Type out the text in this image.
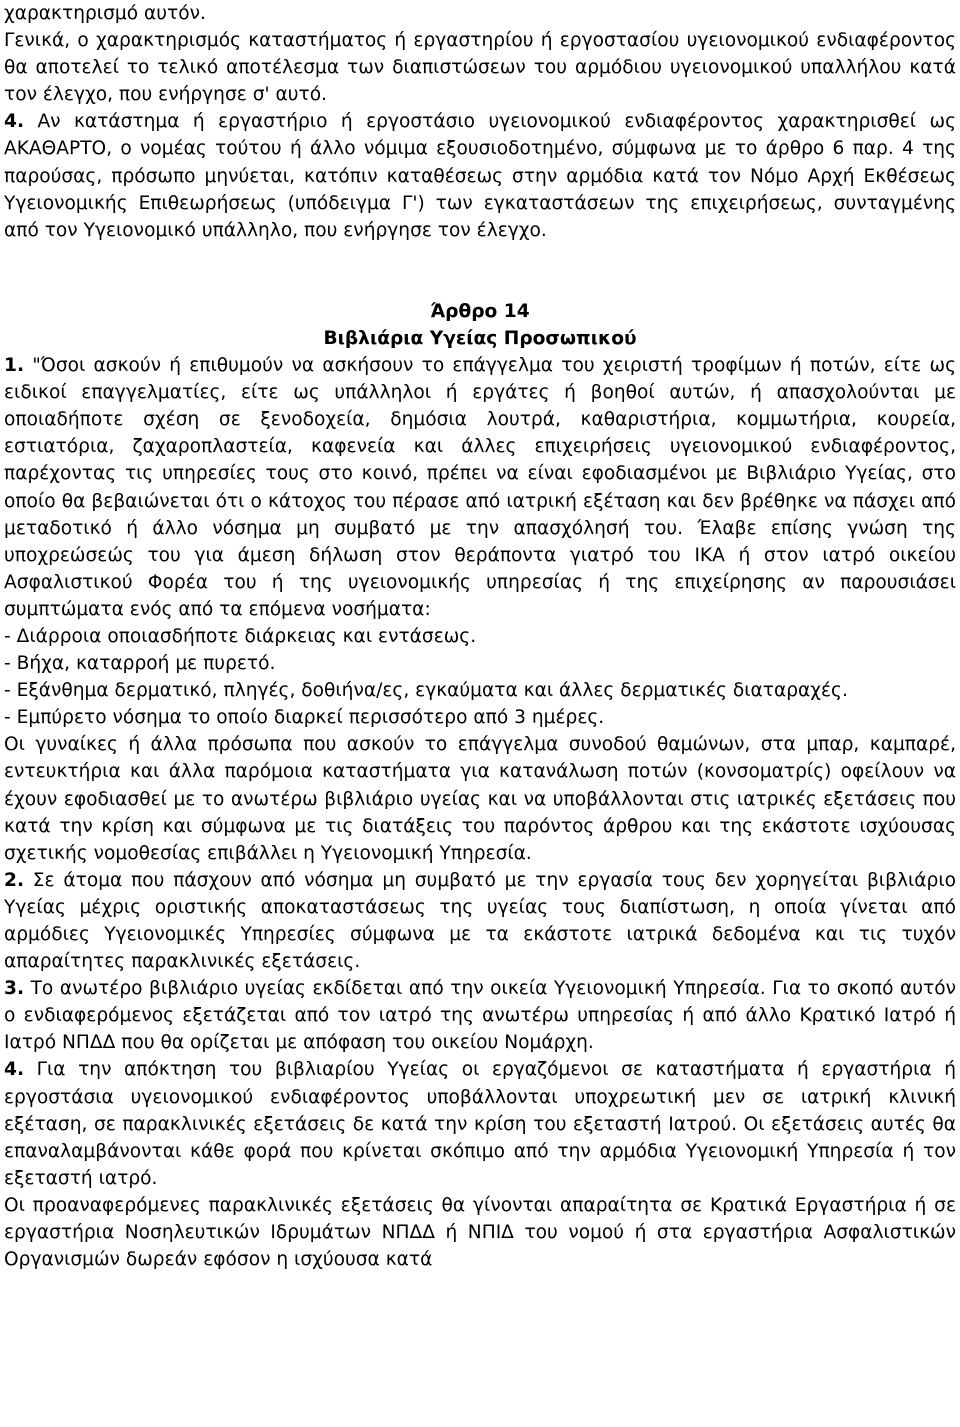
χαρακτηρισμό αυτόν.

Γενικά, ο χαρακτηρισμός καταστήματος ή εργαστηρίου ή εργοστασίου υγειονομικού ενδιαφέροντος θα αποτελεί το τελικό αποτέλεσμα των διαπιστώσεων του αρμόδιου υγειονομικού υπαλλήλου κατά τον έλεγχο, που ενήργησε σ' αυτό.

4. Αν κατάστημα ή εργαστήριο ή εργοστάσιο υγειονομικού ενδιαφέροντος χαρακτηρισθεί ως ΑΚΑΘΑΡΤΟ, ο νομέας τούτου ή άλλο νόμιμα εξουσιοδοτημένο, σύμφωνα με το άρθρο 6 παρ. 4 της παρούσας, πρόσωπο μηνύεται, κατόπιν καταθέσεως στην αρμόδια κατά τον Νόμο Αρχή Εκθέσεως Υγειονομικής Επιθεωρήσεως (υπόδειγμα Γ') των εγκαταστάσεων της επιχειρήσεως, συνταγμένης από τον Υγειονομικό υπάλληλο, που ενήργησε τον έλεγχο.

Άρθρο 14

Βιβλιάρια Υγείας Προσωπικού

1. "Όσοι ασκούν ή επιθυμούν να ασκήσουν το επάγγελμα του χειριστή τροφίμων ή ποτών, είτε ως ειδικοί επαγγελματίες, είτε ως υπάλληλοι ή εργάτες ή βοηθοί αυτών, ή απασχολούνται με οποιαδήποτε σχέση σε ξενοδοχεία, δημόσια λουτρά, καθαριστήρια, κομμωτήρια, κουρεία, εστιατόρια, ζαχαροπλαστεία, καφενεία και άλλες επιχειρήσεις υγειονομικού ενδιαφέροντος, παρέχοντας τις υπηρεσίες τους στο κοινό, πρέπει να είναι εφοδιασμένοι με Βιβλιάριο Υγείας, στο οποίο θα βεβαιώνεται ότι ο κάτοχος του πέρασε από ιατρική εξέταση και δεν βρέθηκε να πάσχει από μεταδοτικό ή άλλο νόσημα μη συμβατό με την απασχόλησή του. Έλαβε επίσης γνώση της υποχρεώσεώς του για άμεση δήλωση στον θεράποντα γιατρό του ΙΚΑ ή στον ιατρό οικείου Ασφαλιστικού Φορέα του ή της υγειονομικής υπηρεσίας ή της επιχείρησης αν παρουσιάσει συμπτώματα ενός από τα επόμενα νοσήματα:

- Διάρροια οποιασδήποτε διάρκειας και εντάσεως.

- Βήχα, καταρροή με πυρετό.

- Εξάνθημα δερματικό, πληγές, δοθιήνα/ες, εγκαύματα και άλλες δερματικές διαταραχές.

- Εμπύρετο νόσημα το οποίο διαρκεί περισσότερο από 3 ημέρες.

Οι γυναίκες ή άλλα πρόσωπα που ασκούν το επάγγελμα συνοδού θαμώνων, στα μπαρ, καμπαρέ, εντευκτήρια και άλλα παρόμοια καταστήματα για κατανάλωση ποτών (κονσοματρίς) οφείλουν να έχουν εφοδιασθεί με το ανωτέρω βιβλιάριο υγείας και να υποβάλλονται στις ιατρικές εξετάσεις που κατά την κρίση και σύμφωνα με τις διατάξεις του παρόντος άρθρου και της εκάστοτε ισχύουσας σχετικής νομοθεσίας επιβάλλει η Υγειονομική Υπηρεσία.

2. Σε άτομα που πάσχουν από νόσημα μη συμβατό με την εργασία τους δεν χορηγείται βιβλιάριο Υγείας μέχρις οριστικής αποκαταστάσεως της υγείας τους διαπίστωση, η οποία γίνεται από αρμόδιες Υγειονομικές Υπηρεσίες σύμφωνα με τα εκάστοτε ιατρικά δεδομένα και τις τυχόν απαραίτητες παρακλινικές εξετάσεις.

3. Το ανωτέρο βιβλιάριο υγείας εκδίδεται από την οικεία Υγειονομική Υπηρεσία. Για το σκοπό αυτόν ο ενδιαφερόμενος εξετάζεται από τον ιατρό της ανωτέρω υπηρεσίας ή από άλλο Κρατικό Ιατρό ή Ιατρό ΝΠΔΔ που θα ορίζεται με απόφαση του οικείου Νομάρχη.

4. Για την απόκτηση του βιβλιαρίου Υγείας οι εργαζόμενοι σε καταστήματα ή εργαστήρια ή εργοστάσια υγειονομικού ενδιαφέροντος υποβάλλονται υποχρεωτική μεν σε ιατρική κλινική εξέταση, σε παρακλινικές εξετάσεις δε κατά την κρίση του εξεταστή Ιατρού. Οι εξετάσεις αυτές θα επαναλαμβάνονται κάθε φορά που κρίνεται σκόπιμο από την αρμόδια Υγειονομική Υπηρεσία ή τον εξεταστή ιατρό.

Οι προαναφερόμενες παρακλινικές εξετάσεις θα γίνονται απαραίτητα σε Κρατικά Εργαστήρια ή σε εργαστήρια Νοσηλευτικών Ιδρυμάτων ΝΠΔΔ ή ΝΠΙΔ του νομού ή στα εργαστήρια Ασφαλιστικών Οργανισμών δωρεάν εφόσον η ισχύουσα κατά
